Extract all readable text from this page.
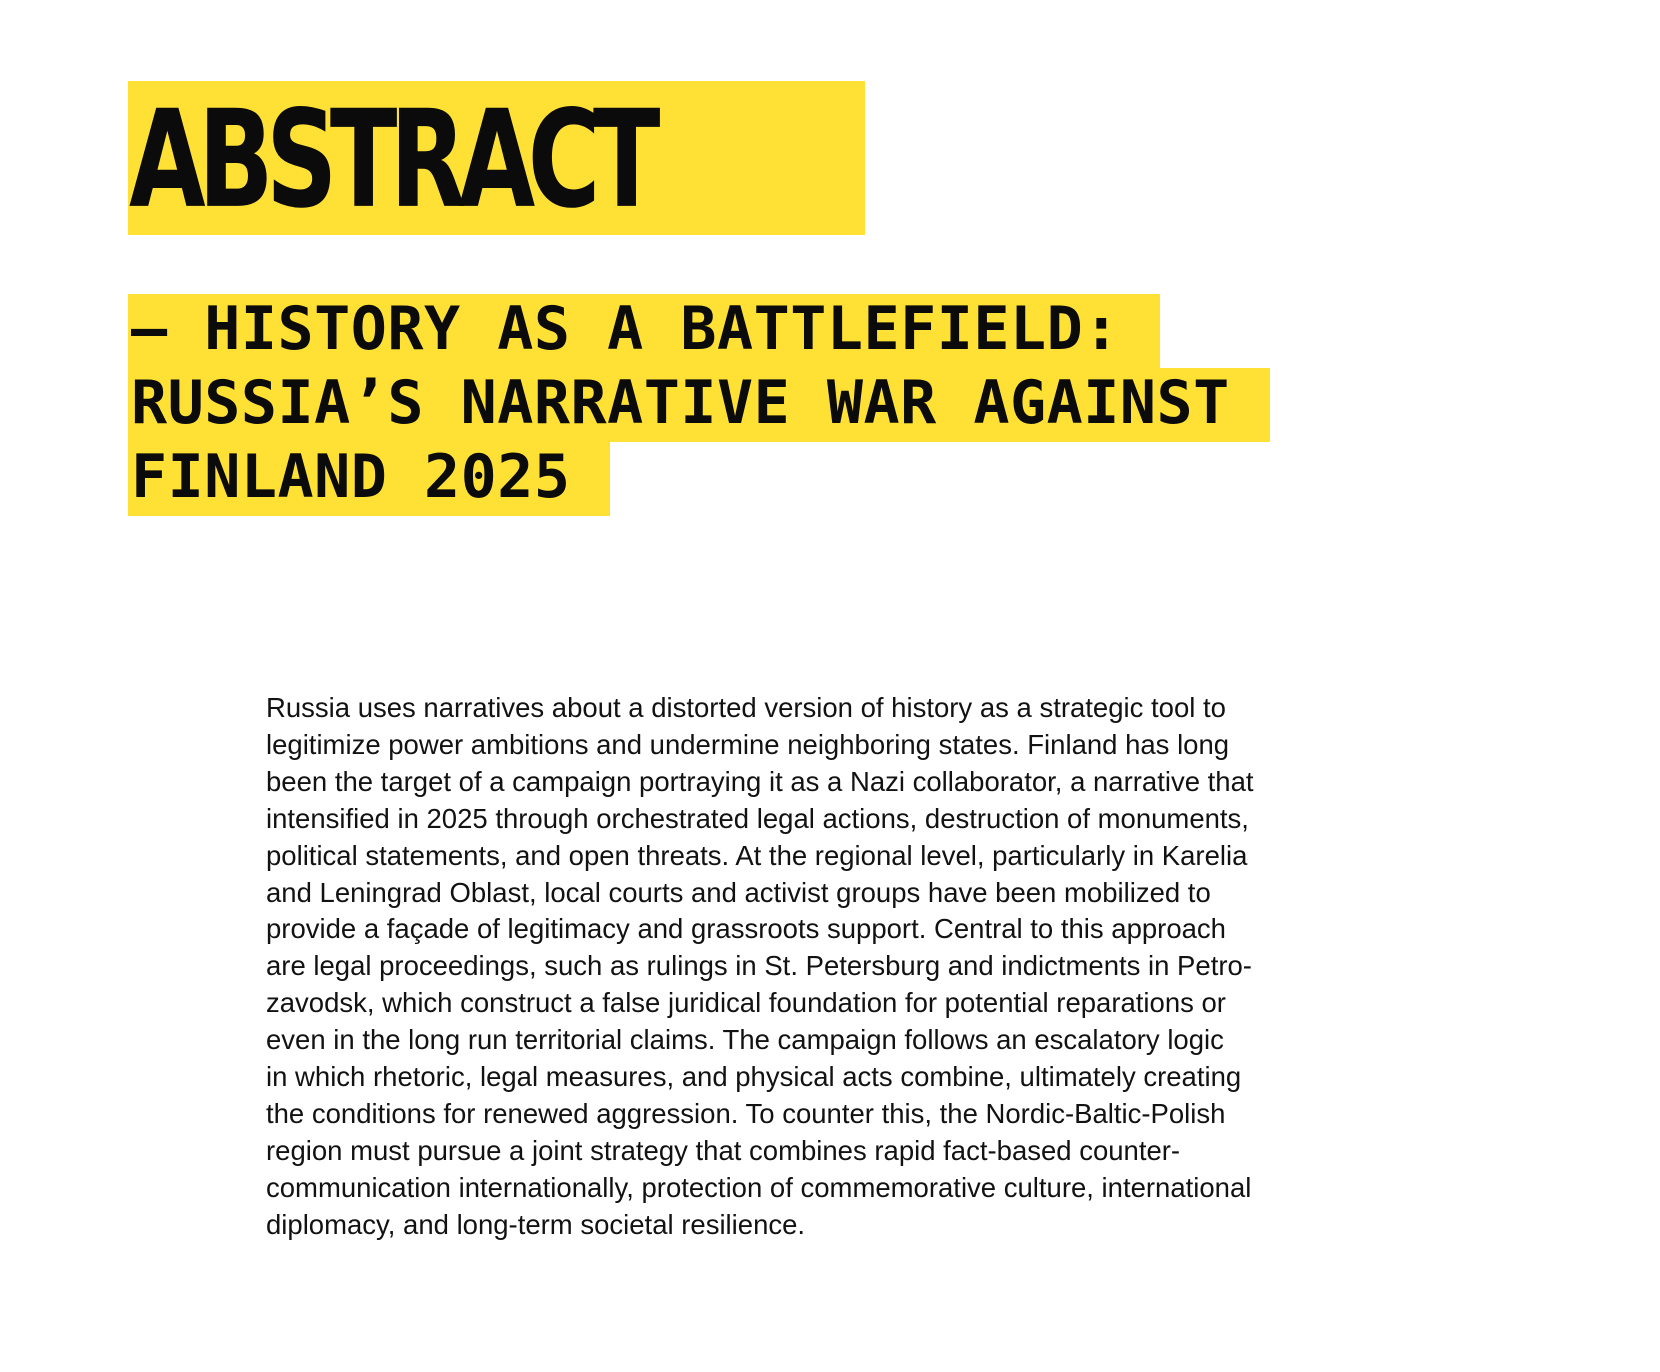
ABSTRACT
– HISTORY AS A BATTLEFIELD:
RUSSIA’S NARRATIVE WAR AGAINST
FINLAND 2025
Russia uses narratives about a distorted version of history as a strategic tool to
legitimize power ambitions and undermine neighboring states. Finland has long
been the target of a campaign portraying it as a Nazi collaborator, a narrative that
intensified in 2025 through orchestrated legal actions, destruction of monuments,
political statements, and open threats. At the regional level, particularly in Karelia
and Leningrad Oblast, local courts and activist groups have been mobilized to
provide a façade of legitimacy and grassroots support. Central to this approach
are legal proceedings, such as rulings in St. Petersburg and indictments in Petro-
zavodsk, which construct a false juridical foundation for potential reparations or
even in the long run territorial claims. The campaign follows an escalatory logic
in which rhetoric, legal measures, and physical acts combine, ultimately creating
the conditions for renewed aggression. To counter this, the Nordic-Baltic-Polish
region must pursue a joint strategy that combines rapid fact-based counter-
communication internationally, protection of commemorative culture, international
diplomacy, and long-term societal resilience.
